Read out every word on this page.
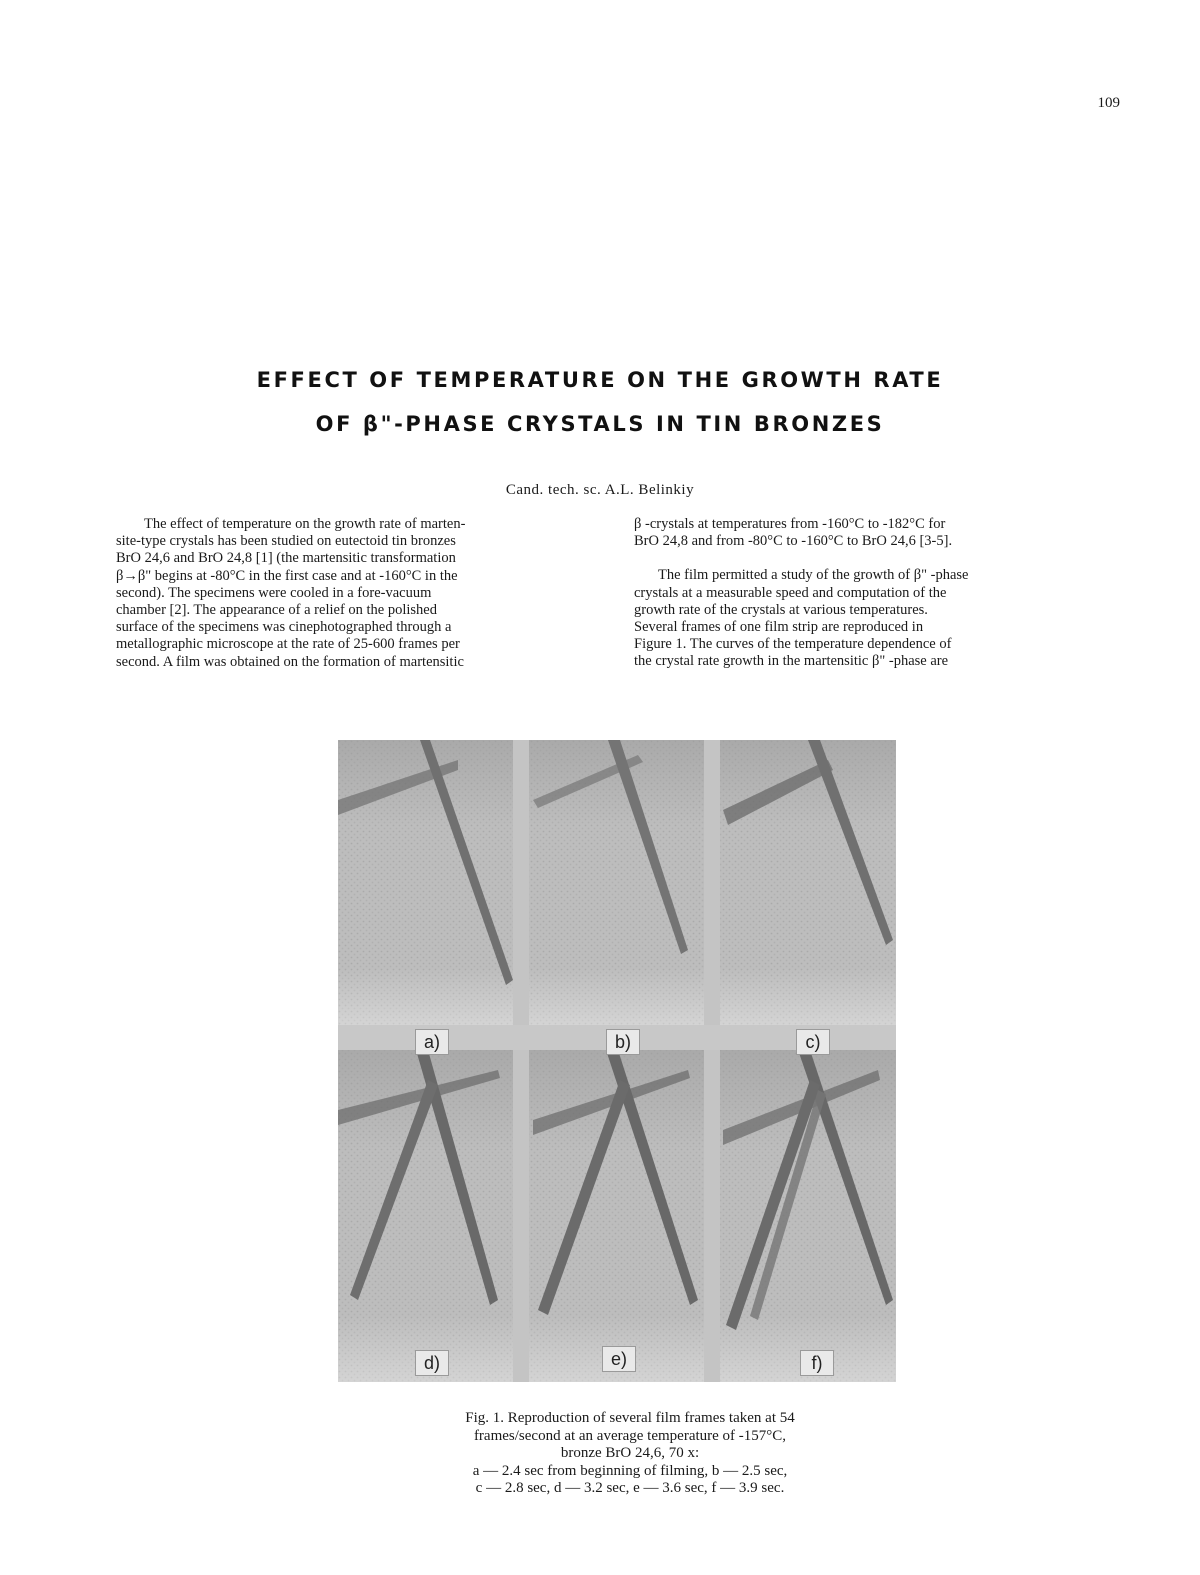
109
EFFECT OF TEMPERATURE ON THE GROWTH RATE
OF β"-PHASE CRYSTALS IN TIN BRONZES
Cand. tech. sc. A.L. Belinkiy

The effect of temperature on the growth rate of marten-
site-type crystals has been studied on eutectoid tin bronzes
BrO 24,6 and BrO 24,8 [1] (the martensitic transformation
β→β" begins at -80°C in the first case and at -160°C in the
second). The specimens were cooled in a fore-vacuum
chamber [2]. The appearance of a relief on the polished
surface of the specimens was cinephotographed through a
metallographic microscope at the rate of 25-600 frames per
second. A film was obtained on the formation of martensitic

β -crystals at temperatures from -160°C to -182°C for
BrO 24,8 and from -80°C to -160°C to BrO 24,6 [3-5].

The film permitted a study of the growth of β" -phase
crystals at a measurable speed and computation of the
growth rate of the crystals at various temperatures.
Several frames of one film strip are reproduced in
Figure 1. The curves of the temperature dependence of
the crystal rate growth in the martensitic β" -phase are

a)	b)	c)
d)	e)	f)
Fig. 1. Reproduction of several film frames taken at 54
frames/second at an average temperature of -157°C,
bronze BrO 24,6, 70 x:
a — 2.4 sec from beginning of filming, b — 2.5 sec,
c — 2.8 sec, d — 3.2 sec, e — 3.6 sec, f — 3.9 sec.
